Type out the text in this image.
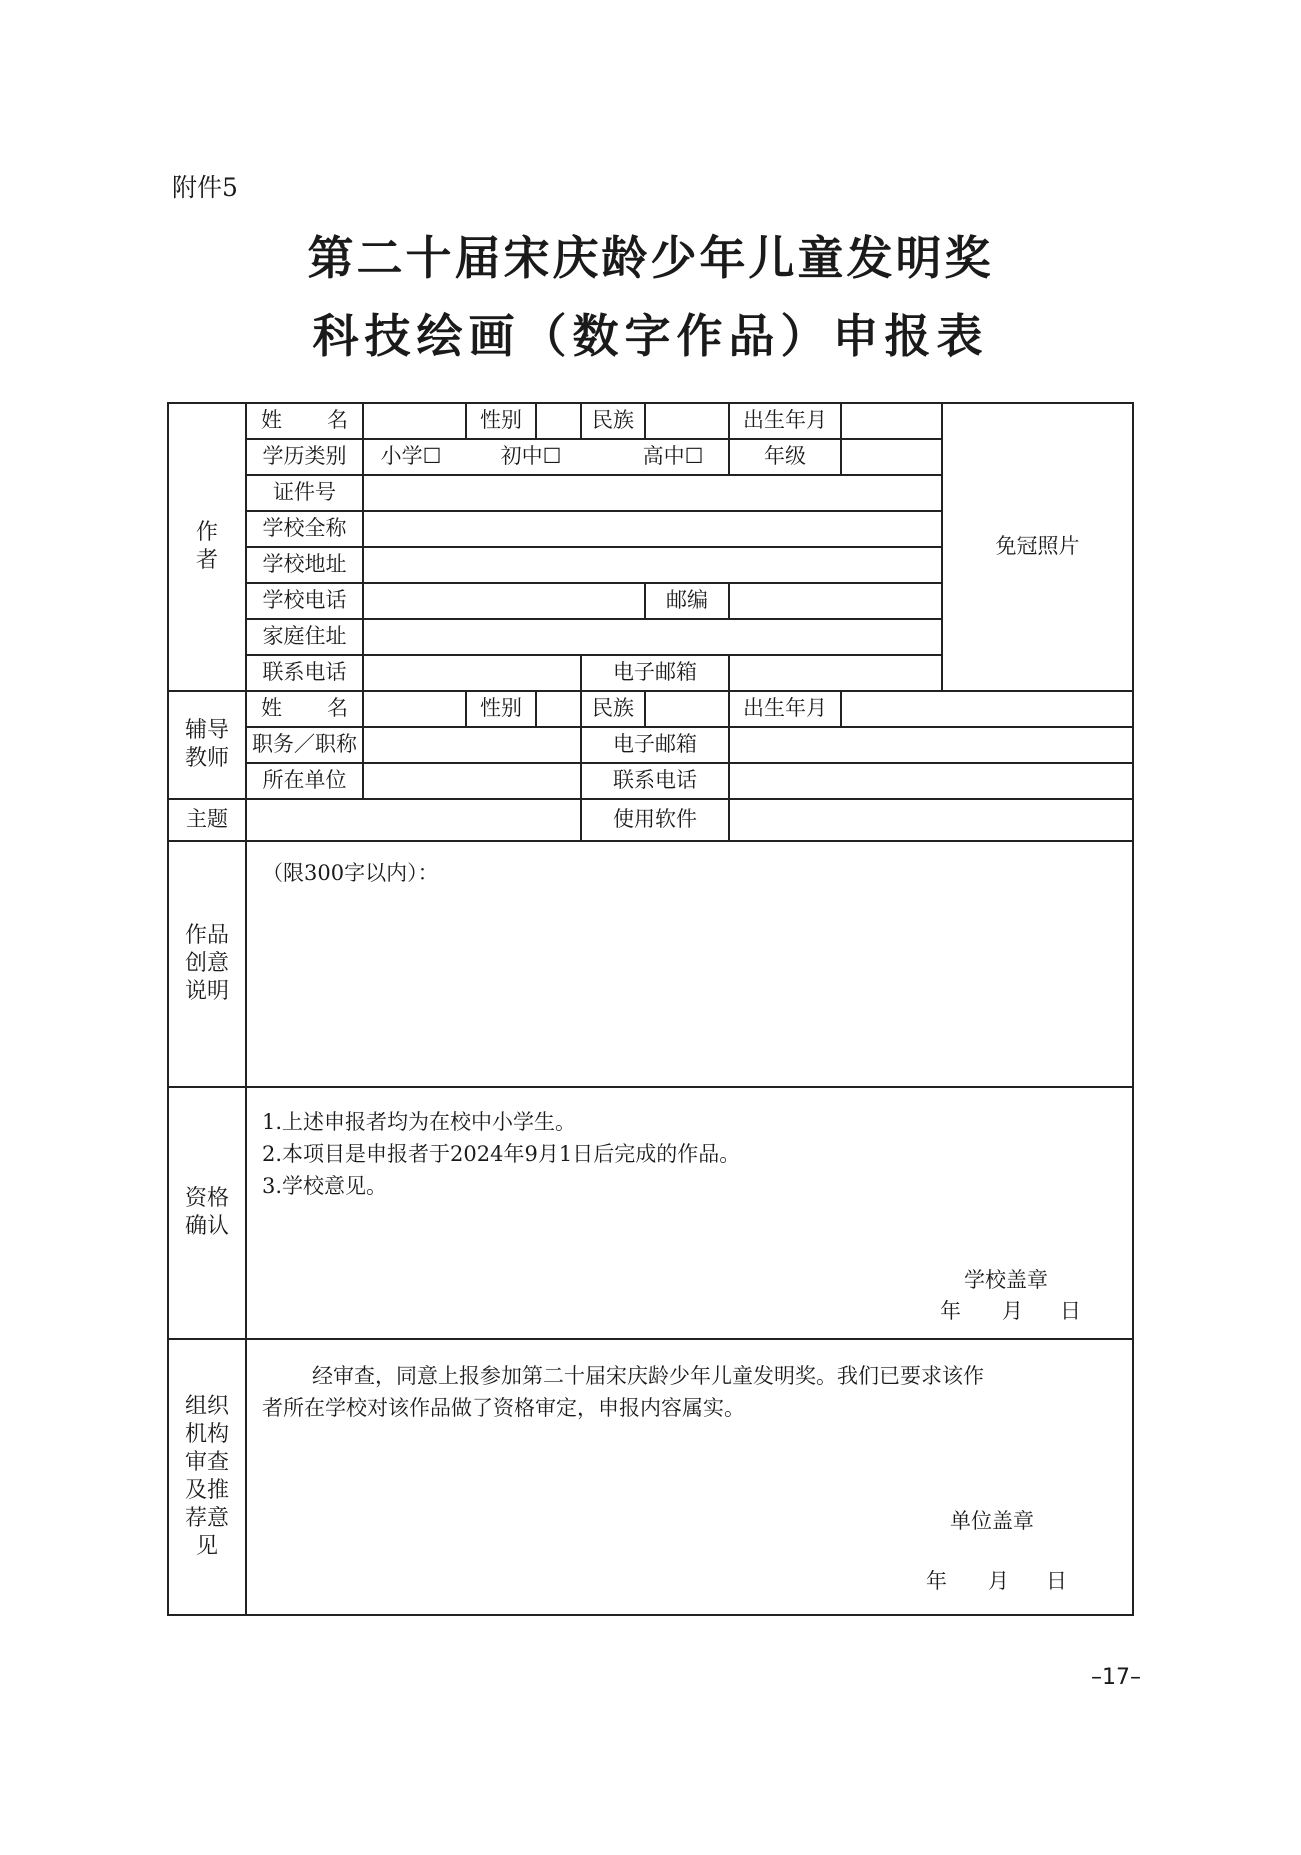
附件5
第二十届宋庆龄少年儿童发明奖
科技绘画（数字作品）申报表
作
者
姓 名	性别	民族	出生年月
学历类别	小学☐	初中☐	高中☐	年级
证件号
学校全称
学校地址
学校电话	邮编
家庭住址
联系电话	电子邮箱
免冠照片
辅导
教师
姓 名	性别	民族	出生年月
职务／职称	电子邮箱
所在单位	联系电话
主题	使用软件
作品
创意
说明
（限300字以内）：
资格
确认
1.上述申报者均为在校中小学生。
2.本项目是申报者于2024年9月1日后完成的作品。
3.学校意见。
学校盖章
年 月 日
组织
机构
审查
及推
荐意
见
经审查，同意上报参加第二十届宋庆龄少年儿童发明奖。我们已要求该作
者所在学校对该作品做了资格审定，申报内容属实。
单位盖章
年 月 日
–17–
